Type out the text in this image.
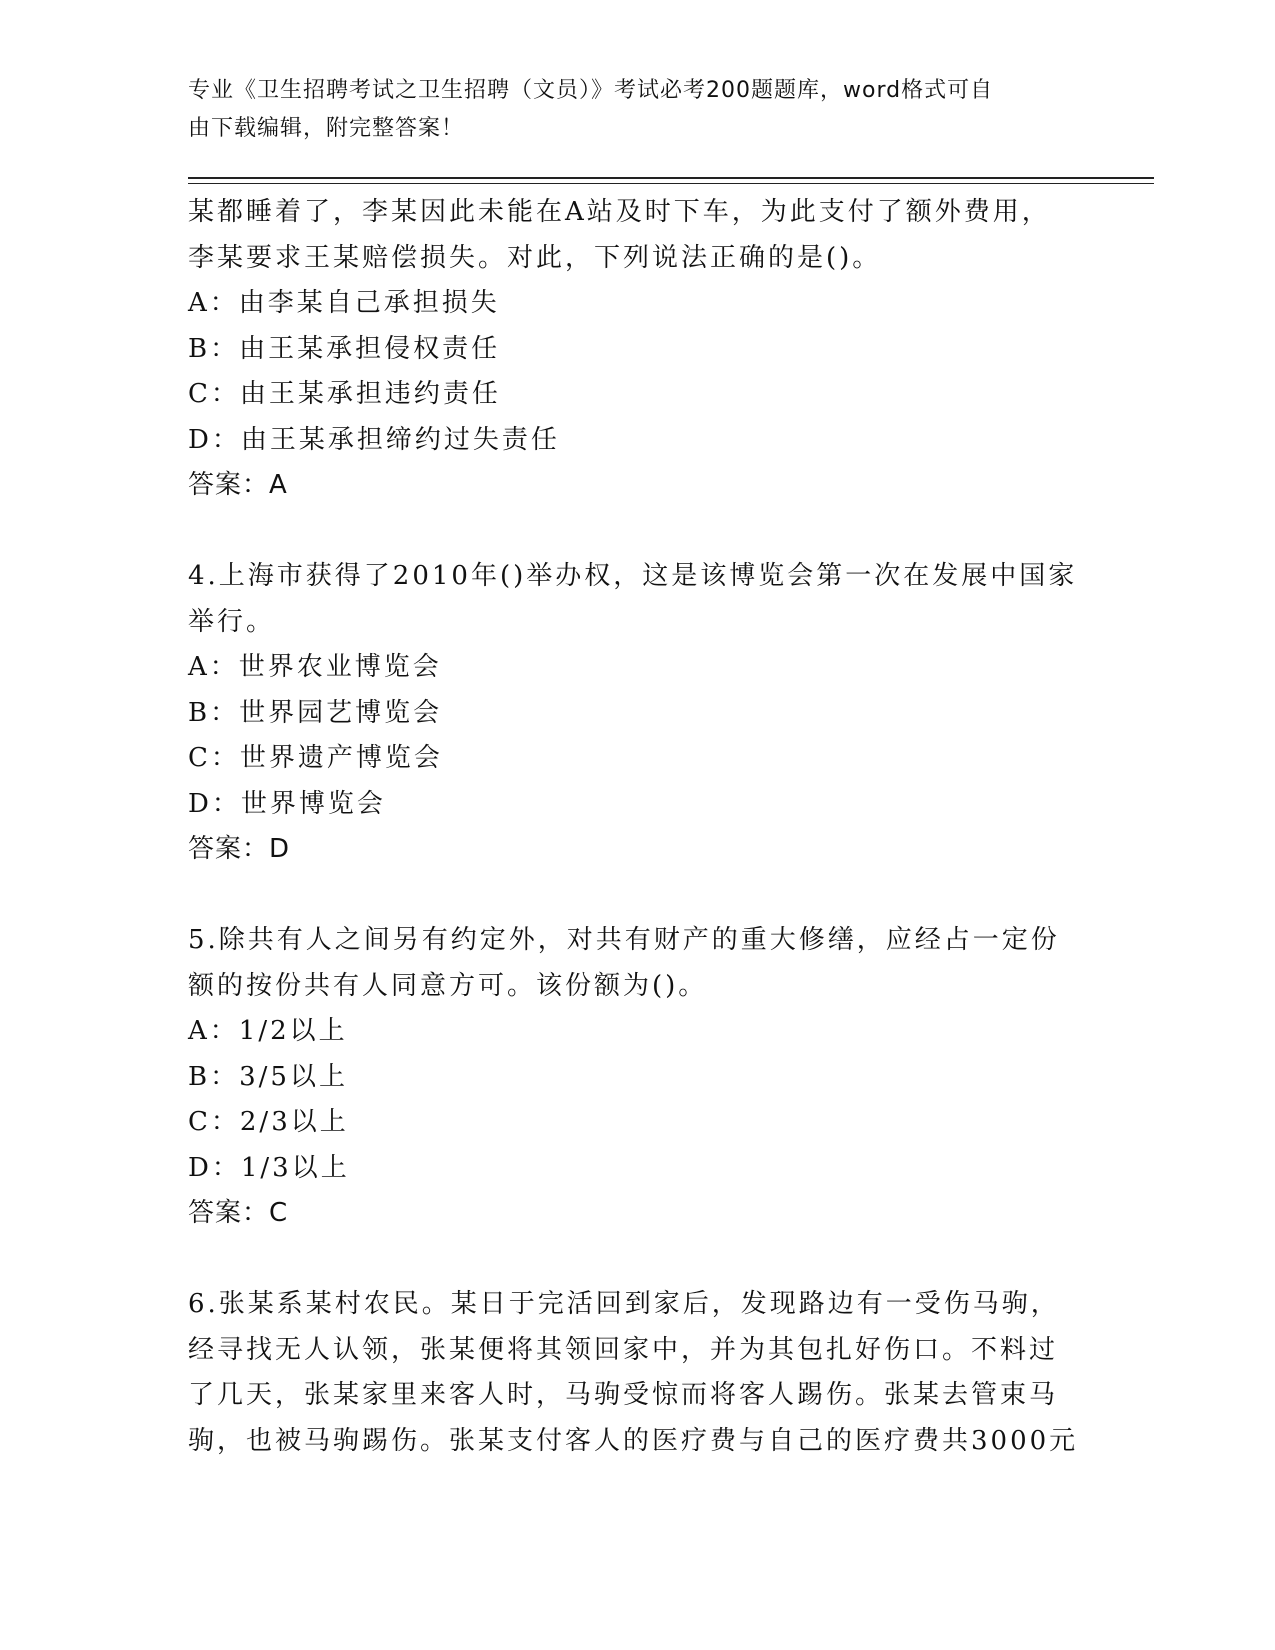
专业《卫生招聘考试之卫生招聘（文员）》考试必考200题题库，word格式可自
由下载编辑，附完整答案！
某都睡着了，李某因此未能在A站及时下车，为此支付了额外费用，
李某要求王某赔偿损失。对此，下列说法正确的是()。
A：由李某自己承担损失
B：由王某承担侵权责任
C：由王某承担违约责任
D：由王某承担缔约过失责任
答案：A
4.上海市获得了2010年()举办权，这是该博览会第一次在发展中国家
举行。
A：世界农业博览会
B：世界园艺博览会
C：世界遗产博览会
D：世界博览会
答案：D
5.除共有人之间另有约定外，对共有财产的重大修缮，应经占一定份
额的按份共有人同意方可。该份额为()。
A：1/2以上
B：3/5以上
C：2/3以上
D：1/3以上
答案：C
6.张某系某村农民。某日于完活回到家后，发现路边有一受伤马驹，
经寻找无人认领，张某便将其领回家中，并为其包扎好伤口。不料过
了几天，张某家里来客人时，马驹受惊而将客人踢伤。张某去管束马
驹，也被马驹踢伤。张某支付客人的医疗费与自己的医疗费共3000元
